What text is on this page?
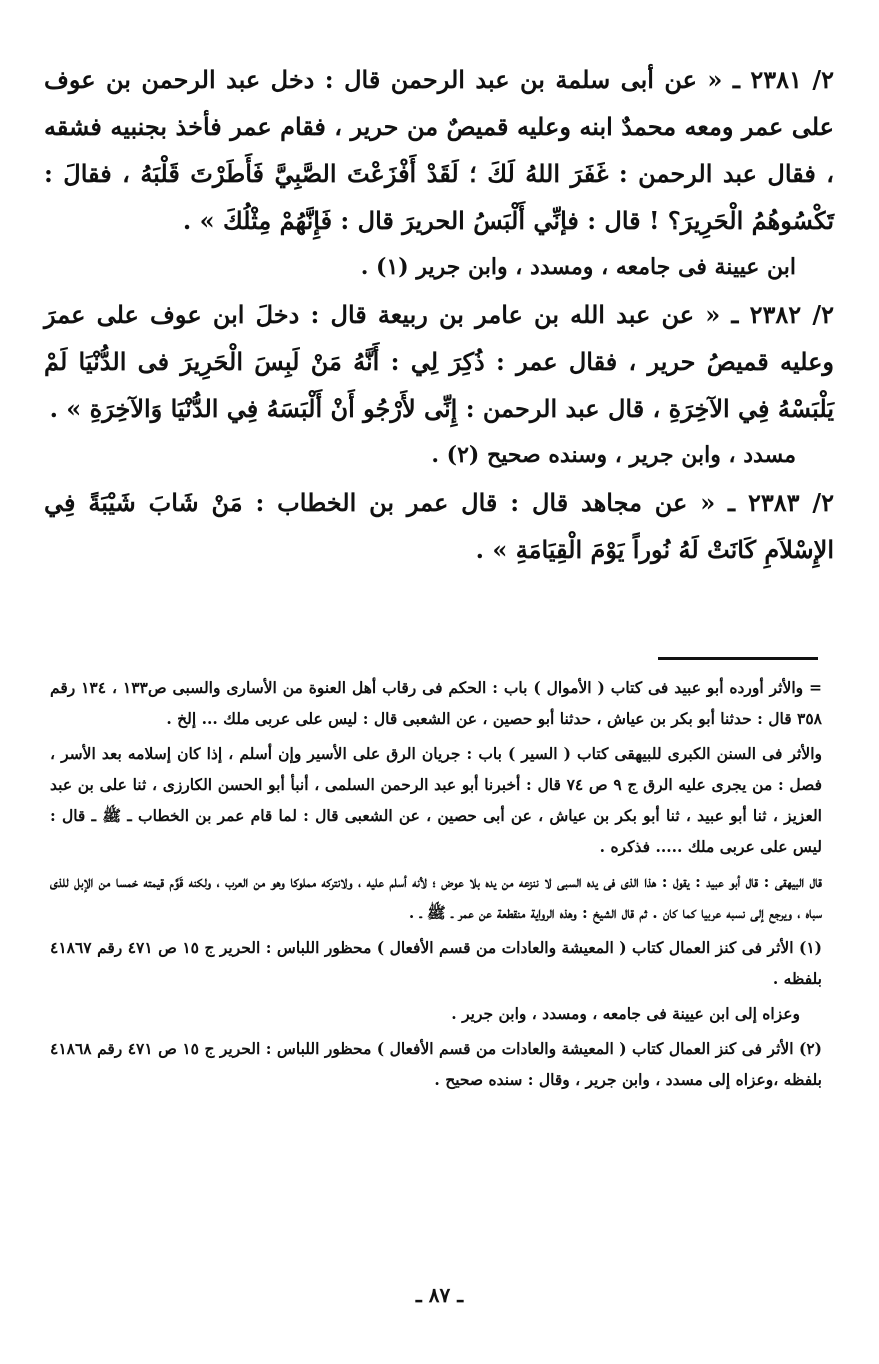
٢/ ٢٣٨١ ـ « عن أبى سلمة بن عبد الرحمن قال : دخل عبد الرحمن بن عوف على عمر ومعه محمدٌ ابنه وعليه قميصٌ من حرير ، فقام عمر فأخذ بجنبيه فشقه ، فقال عبد الرحمن : غَفَرَ اللهُ لَكَ ؛ لَقَدْ أَفْزَعْتَ الصَّبِيَّ فَأَطَرْتَ قَلْبَهُ ، فقالَ : تَكْسُوهُمُ الْحَرِيرَ؟ ! قال : فإنِّي أَلْبَسُ الحريرَ قال : فَإِنَّهُمْ مِثْلُكَ » .

ابن عيينة فى جامعه ، ومسدد ، وابن جرير (١) .

٢/ ٢٣٨٢ ـ « عن عبد الله بن عامر بن ربيعة قال : دخلَ ابن عوف على عمرَ وعليه قميصُ حرير ، فقال عمر : ذُكِرَ لِي : أَنَّهُ مَنْ لَبِسَ الْحَرِيرَ فى الدُّنْيَا لَمْ يَلْبَسْهُ فِي الآخِرَةِ ، قال عبد الرحمن : إِنِّى لأَرْجُو أَنْ أَلْبَسَهُ فِي الدُّنْيَا وَالآخِرَةِ » .

مسدد ، وابن جرير ، وسنده صحيح (٢) .

٢/ ٢٣٨٣ ـ « عن مجاهد قال : قال عمر بن الخطاب : مَنْ شَابَ شَيْبَةً فِي الإِسْلاَمِ كَانَتْ لَهُ نُوراً يَوْمَ الْقِيَامَةِ » .

= والأثر أورده أبو عبيد فى كتاب ( الأموال ) باب : الحكم فى رقاب أهل العنوة من الأسارى والسبى ص١٣٣ ، ١٣٤ رقم ٣٥٨ قال : حدثنا أبو بكر بن عياش ، حدثنا أبو حصين ، عن الشعبى قال : ليس على عربى ملك ... إلخ .

والأثر فى السنن الكبرى للبيهقى كتاب ( السير ) باب : جريان الرق على الأسير وإن أسلم ، إذا كان إسلامه بعد الأسر ، فصل : من يجرى عليه الرق ج ٩ ص ٧٤ قال : أخبرنا أبو عبد الرحمن السلمى ، أنبأ أبو الحسن الكارزى ، ثنا على بن عبد العزيز ، ثنا أبو عبيد ، ثنا أبو بكر بن عياش ، عن أبى حصين ، عن الشعبى قال : لما قام عمر بن الخطاب ـ ﷺ ـ قال : ليس على عربى ملك ..... فذكره .

قال البيهقى : قال أبو عبيد : يقول : هذا الذى فى يده السبى لا ننزعه من يده بلا عوض ؛ لأنه أسلم عليه ، ولانتركه مملوكا وهو من العرب ، ولكنه قَوَّم قيمته خمسا من الإبل للذى سباه ، ويرجع إلى نسبه عربيا كما كان . ثم قال الشيخ : وهذه الرواية منقطعة عن عمر ـ ﷺ ـ .

(١) الأثر فى كنز العمال كتاب ( المعيشة والعادات من قسم الأفعال ) محظور اللباس : الحرير ج ١٥ ص ٤٧١ رقم ٤١٨٦٧ بلفظه .

وعزاه إلى ابن عيينة فى جامعه ، ومسدد ، وابن جرير .

(٢) الأثر فى كنز العمال كتاب ( المعيشة والعادات من قسم الأفعال ) محظور اللباس : الحرير ج ١٥ ص ٤٧١ رقم ٤١٨٦٨ بلفظه ،وعزاه إلى مسدد ، وابن جرير ، وقال : سنده صحيح .

ـ ٨٧ ـ
